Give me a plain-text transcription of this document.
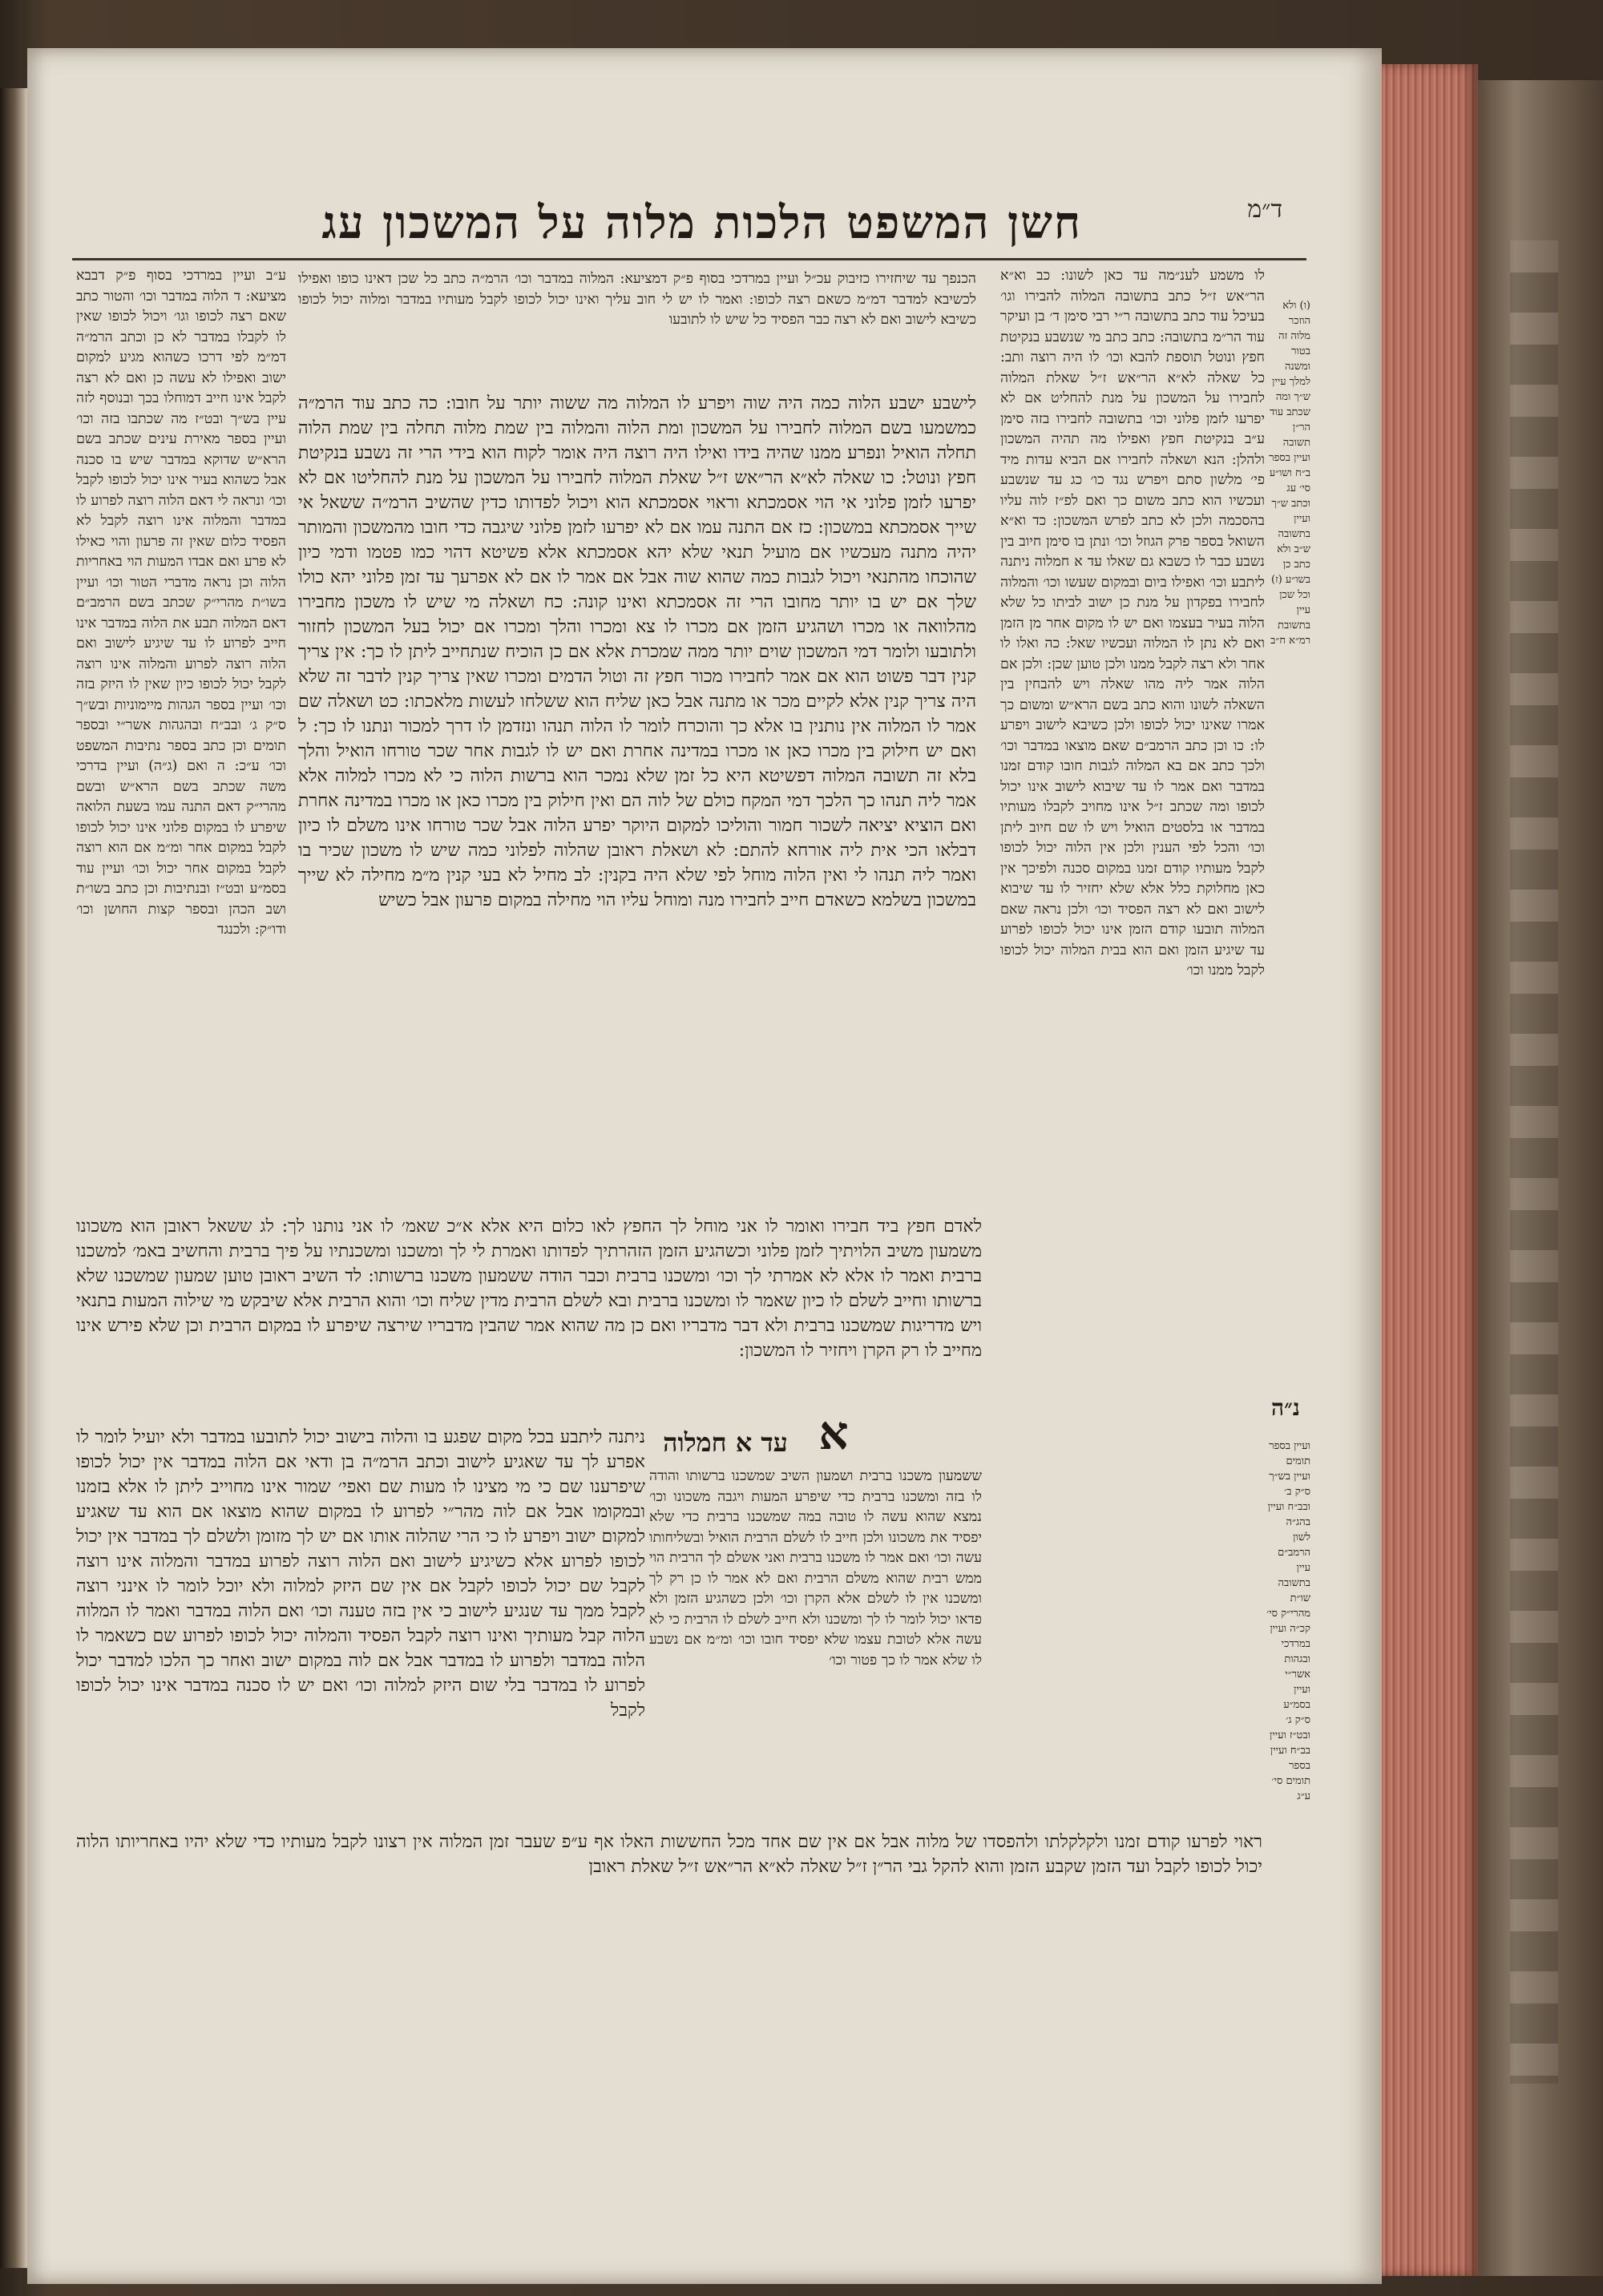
ד״מ
חשן המשפט הלכות מלוה על המשכון עג

לו משמע לענ״מה עד כאן לשונו: כב וא״א הר״אש ז״ל כתב בתשובה המלוה להבירו וגו׳ בעיכל עוד כתב בתשובה ר״י רבי סימן ד׳ בן ועיקר עוד הר״מ בתשובה: כתב כתב מי שנשבע בנקיטת חפץ ונוטל תוספת להבא וכו׳ לו היה רוצה ותב: כל שאלה לא״א הר״אש ז״ל שאלת המלוה לחבירו על המשכון על מנת להחליט אם לא יפרעו לזמן פלוני וכו׳ בתשובה לחבירו בזה סימן ע״ב בנקיטת חפץ ואפילו מה תהיה המשכון ולהלן: הנא ושאלה לחבירו אם הביא עדות מיד פי׳ מלשון סתם ויפרש נגד כו׳ כג עד שנשבע ועכשיו הוא כתב משום כך ואם לפ״ז לוה עליו בהסכמה ולכן לא כתב לפרש המשכון: כד וא״א השואל בספר פרק הגוזל וכו׳ ונתן בו סימן חיוב בין נשבע כבר לו כשבא גם שאלו עד א חמלוה ניתנה ליתבע וכו׳ ואפילו ביום ובמקום שעשו וכו׳ והמלוה לחבירו בפקדון על מנת כן ישוב לביתו כל שלא הלוה בעיר בעצמו ואם יש לו מקום אחר מן הזמן ואם לא נתן לו המלוה ועכשיו שאל: כה ואלו לו אחר ולא רצה לקבל ממנו ולכן טוען שכן: ולכן אם הלוה אמר ליה מהו שאלה ויש להבחין בין השאלה לשונו והוא כתב בשם הרא״ש ומשום כך אמרו שאינו יכול לכופו ולכן כשיבא לישוב ויפרע לו: כו וכן כתב הרמב״ם שאם מוצאו במדבר וכו׳ ולכך כתב אם בא המלוה לגבות חובו קודם זמנו במדבר ואם אמר לו עד שיבוא לישוב אינו יכול לכופו ומה שכתב ז״ל אינו מחויב לקבלו מעותיו במדבר או בלסטים הואיל ויש לו שם חיוב ליתן וכו׳ והכל לפי הענין ולכן אין הלוה יכול לכופו לקבל מעותיו קודם זמנו במקום סכנה ולפיכך אין כאן מחלוקת כלל אלא שלא יחזיר לו עד שיבוא לישוב ואם לא רצה הפסיד וכו׳ ולכן נראה שאם המלוה תובעו קודם הזמן אינו יכול לכופו לפרוע עד שיגיע הזמן ואם הוא בבית המלוה יכול לכופו לקבל ממנו וכו׳

(ו) ולא הוזכר מלוה זה בטור ומשנה למלך עיין ש״ך ומה שכתב עוד הר״ן תשובה ועיין בספר ב״ח ושו״ע סי׳ עג וכתב ש״ך ועיין בתשובה ש״ב ולא כתב כן בשו״ע (ז) וכל שכן עיין בתשובת רמ״א ח״ב

נ״ה

ועיין בספר תומים ועיין בש״ך ס״ק ב׳ ובב״ח ועיין בהג״ה לשון הרמב״ם עיין בתשובה שו״ת מהרי״ק סי׳ קכ״ה ועיין במרדכי ובגהות אשר״י ועיין בסמ״ע ס״ק ג׳ ובט״ז ועיין בב״ח ועיין בספר תומים סי׳ ע״ג

הכנפך עד שיחזירו כזיבוק עכ״ל ועיין במרדכי בסוף פ״ק דמציעא: המלוה במדבר וכו׳ הרמ״ה כתב כל שכן דאינו כופו ואפילו לכשיבא למדבר דמ״מ כשאם רצה לכופו: ואמר לו יש לי חוב עליך ואינו יכול לכופו לקבל מעותיו במדבר ומלוה יכול לכופו כשיבא לישוב ואם לא רצה כבר הפסיד כל שיש לו לתובעו

לישבע ישבע הלוה כמה היה שוה ויפרע לו המלוה מה ששוה יותר על חובו: כה כתב עוד הרמ״ה כמשמעו בשם המלוה לחבירו על המשכון ומת הלוה והמלוה בין שמת מלוה תחלה בין שמת הלוה תחלה הואיל ונפרע ממנו שהיה בידו ואילו היה רוצה היה אומר לקוח הוא בידי הרי זה נשבע בנקיטת חפץ ונוטל: כו שאלה לא״א הר״אש ז״ל שאלת המלוה לחבירו על המשכון על מנת להחליטו אם לא יפרעו לזמן פלוני אי הוי אסמכתא וראוי אסמכתא הוא ויכול לפדותו כדין שהשיב הרמ״ה ששאל אי שייך אסמכתא במשכון: כז אם התנה עמו אם לא יפרעו לזמן פלוני שיגבה כדי חובו מהמשכון והמותר יהיה מתנה מעכשיו אם מועיל תנאי שלא יהא אסמכתא אלא פשיטא דהוי כמו פטמו ודמי כיון שהוכחו מהתנאי ויכול לגבות כמה שהוא שוה אבל אם אמר לו אם לא אפרעך עד זמן פלוני יהא כולו שלך אם יש בו יותר מחובו הרי זה אסמכתא ואינו קונה: כח ושאלה מי שיש לו משכון מחבירו מהלוואה או מכרו ושהגיע הזמן אם מכרו לו צא ומכרו והלך ומכרו אם יכול בעל המשכון לחזור ולתובעו ולומר דמי המשכון שוים יותר ממה שמכרת אלא אם כן הוכיח שנתחייב ליתן לו כך: אין צריך קנין דבר פשוט הוא אם אמר לחבירו מכור חפץ זה וטול הדמים ומכרו שאין צריך קנין לדבר זה שלא היה צריך קנין אלא לקיים מכר או מתנה אבל כאן שליח הוא ששלחו לעשות מלאכתו: כט ושאלה שם אמר לו המלוה אין נותנין בו אלא כך והוכרח לומר לו הלוה תנהו ונזדמן לו דרך למכור ונתנו לו כך: ל ואם יש חילוק בין מכרו כאן או מכרו במדינה אחרת ואם יש לו לגבות אחר שכר טורחו הואיל והלך בלא זה תשובה המלוה דפשיטא היא כל זמן שלא נמכר הוא ברשות הלוה כי לא מכרו למלוה אלא אמר ליה תנהו כך הלכך דמי המקח כולם של לוה הם ואין חילוק בין מכרו כאן או מכרו במדינה אחרת ואם הוציא יציאה לשכור חמור והוליכו למקום היוקר יפרע הלוה אבל שכר טורחו אינו משלם לו כיון דבלאו הכי אית ליה אורחא להתם: לא ושאלת ראובן שהלוה לפלוני כמה שיש לו משכון שכיר בו ואמר ליה תנהו לי ואין הלוה מוחל לפי שלא היה בקנין: לב מחיל לא בעי קנין מ״מ מחילה לא שייך במשכון בשלמא כשאדם חייב לחבירו מנה ומוחל עליו הוי מחילה במקום פרעון אבל כשיש

ע״ב ועיין במרדכי בסוף פ״ק דבבא מציעא: ד הלוה במדבר וכו׳ והטור כתב שאם רצה לכופו וגו׳ ויכול לכופו שאין לו לקבלו במדבר לא כן וכתב הרמ״ה דמ״מ לפי דרכו כשהוא מגיע למקום ישוב ואפילו לא עשה כן ואם לא רצה לקבל אינו חייב דמוחלו בכך ובנוסף לזה עיין בש״ך ובט״ז מה שכתבו בזה וכו׳ ועיין בספר מאירת עינים שכתב בשם הרא״ש שדוקא במדבר שיש בו סכנה אבל כשהוא בעיר אינו יכול לכופו לקבל וכו׳ ונראה לי דאם הלוה רוצה לפרוע לו במדבר והמלוה אינו רוצה לקבל לא הפסיד כלום שאין זה פרעון והוי כאילו לא פרע ואם אבדו המעות הוי באחריות הלוה וכן נראה מדברי הטור וכו׳ ועיין בשו״ת מהרי״ק שכתב בשם הרמב״ם דאם המלוה תבע את הלוה במדבר אינו חייב לפרוע לו עד שיגיע לישוב ואם הלוה רוצה לפרוע והמלוה אינו רוצה לקבל יכול לכופו כיון שאין לו היזק בזה וכו׳ ועיין בספר הגהות מיימוניות ובש״ך ס״ק ג׳ ובב״ח ובהגהות אשר״י ובספר תומים וכן כתב בספר נתיבות המשפט וכו׳ ע״כ: ה ואם (ג״ה) ועיין בדרכי משה שכתב בשם הרא״ש ובשם מהרי״ק דאם התנה עמו בשעת הלואה שיפרע לו במקום פלוני אינו יכול לכופו לקבל במקום אחר ומ״מ אם הוא רוצה לקבל במקום אחר יכול וכו׳ ועיין עוד בסמ״ע ובט״ז ובנתיבות וכן כתב בשו״ת ושב הכהן ובספר קצות החושן וכו׳ ודו״ק: ולכנגד

לאדם חפץ ביד חבירו ואומר לו אני מוחל לך החפץ לאו כלום היא אלא א״כ שאמ׳ לו אני נותנו לך: לג ששאל ראובן הוא משכונו משמעון משיב הלויתיך לזמן פלוני וכשהגיע הזמן הזהרתיך לפדותו ואמרת לי לך ומשכנו ומשכנתיו על פיך ברבית והחשיב באמ׳ למשכנו ברבית ואמר לו אלא לא אמרתי לך וכו׳ ומשכנו ברבית וכבר הודה ששמעון משכנו ברשותו: לד השיב ראובן טוען שמעון שמשכנו שלא ברשותו וחייב לשלם לו כיון שאמר לו ומשכנו ברבית ובא לשלם הרבית מדין שליח וכו׳ והוא הרבית אלא שיבקש מי שילוה המעות בתנאי ויש מדריגות שמשכנו ברבית ולא דבר מדבריו ואם כן מה שהוא אמר שהבין מדבריו שירצה שיפרע לו במקום הרבית וכן שלא פירש אינו מחייב לו רק הקרן ויחזיר לו המשכון:

א
עד א חמלוה

ניתנה ליתבע בכל מקום שפגע בו והלוה בישוב יכול לתובעו במדבר ולא יועיל לומר לו אפרע לך עד שאגיע לישוב וכתב הרמ״ה בן ודאי אם הלוה במדבר אין יכול לכופו שיפרענו שם כי מי מצינו לו מעות שם ואפי׳ שמור אינו מחוייב ליתן לו אלא בזמנו ובמקומו אבל אם לוה מהר״י לפרוע לו במקום שהוא מוצאו אם הוא עד שאגיע למקום ישוב ויפרע לו כי הרי שהלוה אותו אם יש לך מזומן ולשלם לך במדבר אין יכול לכופו לפרוע אלא כשיגיע לישוב ואם הלוה רוצה לפרוע במדבר והמלוה אינו רוצה לקבל שם יכול לכופו לקבל אם אין שם היזק למלוה ולא יוכל לומר לו אינני רוצה לקבל ממך עד שנגיע לישוב כי אין בזה טענה וכו׳ ואם הלוה במדבר ואמר לו המלוה הלוה קבל מעותיך ואינו רוצה לקבל הפסיד והמלוה יכול לכופו לפרוע שם כשאמר לו הלוה במדבר ולפרוע לו במדבר אבל אם לוה במקום ישוב ואחר כך הלכו למדבר יכול לפרוע לו במדבר בלי שום היזק למלוה וכו׳ ואם יש לו סכנה במדבר אינו יכול לכופו לקבל

ששמעון משכנו ברבית ושמעון השיב שמשכנו ברשותו והודה לו בזה ומשכנו ברבית כדי שיפרע המעות ויגבה משכונו וכו׳ נמצא שהוא עשה לו טובה במה שמשכנו ברבית כדי שלא יפסיד את משכונו ולכן חייב לו לשלם הרבית הואיל ובשליחותו עשה וכו׳ ואם אמר לו משכנו ברבית ואני אשלם לך הרבית הוי ממש רבית שהוא משלם הרבית ואם לא אמר לו כן רק לך ומשכנו אין לו לשלם אלא הקרן וכו׳ ולכן כשהגיע הזמן ולא פדאו יכול לומר לו לך ומשכנו ולא חייב לשלם לו הרבית כי לא עשה אלא לטובת עצמו שלא יפסיד חובו וכו׳ ומ״מ אם נשבע לו שלא אמר לו כך פטור וכו׳

ראוי לפרעו קודם זמנו ולקלקלתו ולהפסדו של מלוה אבל אם אין שם אחד מכל החששות האלו אף ע״פ שעבר זמן המלוה אין רצונו לקבל מעותיו כדי שלא יהיו באחריותו הלוה יכול לכופו לקבל ועד הזמן שקבע הזמן והוא להקל גבי הר״ן ז״ל שאלה לא״א הר״אש ז״ל שאלת ראובן
